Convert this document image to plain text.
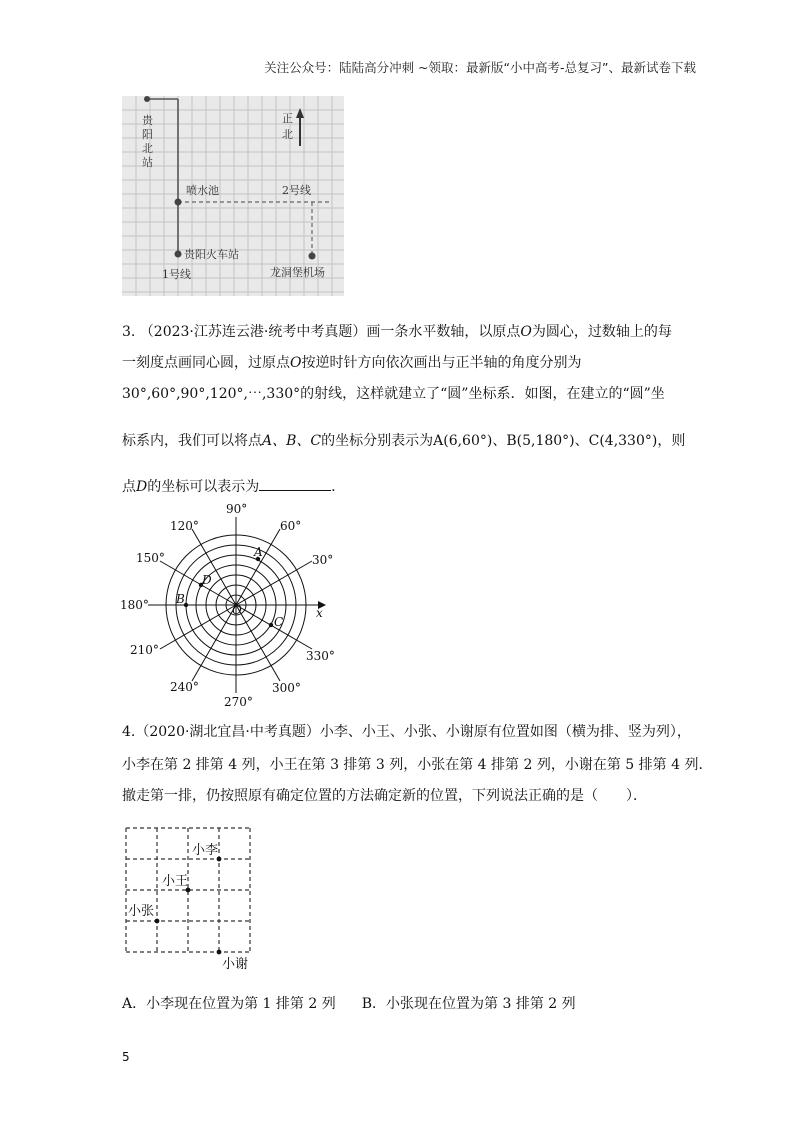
关注公众号：陆陆高分冲刺 ~领取：最新版“小中高考-总复习”、最新试卷下载
贵
阳
北
站
喷水池	2号线
贵阳火车站
1号线	龙洞堡机场
正
北
3. （2023·江苏连云港·统考中考真题）画一条水平数轴，以原点O为圆心，过数轴上的每
一刻度点画同心圆，过原点O按逆时针方向依次画出与正半轴的角度分别为
30°,60°,90°,120°,⋯,330°的射线，这样就建立了“圆”坐标系．如图，在建立的“圆”坐
标系内，我们可以将点A、B、C的坐标分别表示为A(6,60°)、B(5,180°)、C(4,330°)，则
点D的坐标可以表示为	．
90°
60°
30°
120°
150°
180°
210°
240°
270°
300°
330°
x
O
A
B
C
D
4.（2020·湖北宜昌·中考真题）小李、小王、小张、小谢原有位置如图（横为排、竖为列），
小李在第 2 排第 4 列，小王在第 3 排第 3 列，小张在第 4 排第 2 列，小谢在第 5 排第 4 列．
撤走第一排，仍按照原有确定位置的方法确定新的位置，下列说法正确的是（　　）．
小李
小王
小张
小谢
A．小李现在位置为第 1 排第 2 列 B．小张现在位置为第 3 排第 2 列
5
